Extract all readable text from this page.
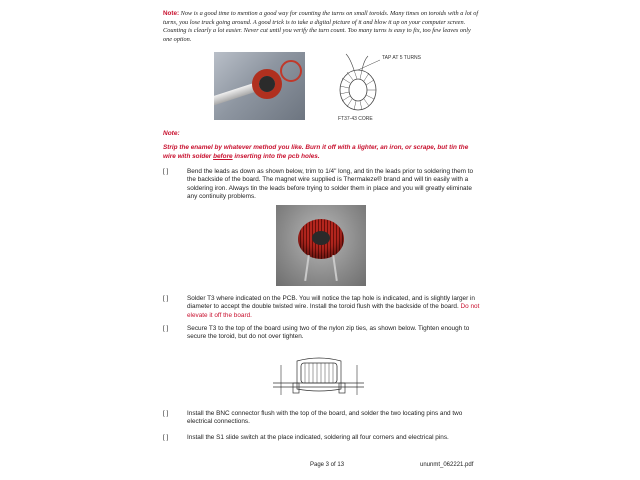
Note: Now is a good time to mention a good way for counting the turns on small toroids. Many times on toroids with a lot of turns, you lose track going around. A good trick is to take a digital picture of it and blow it up on your computer screen. Counting is clearly a lot easier. Never cut until you verify the turn count. Too many turns is easy to fix, too few leaves only one option.
TAP AT 5 TURNS
FT37-43 CORE
Note:
Strip the enamel by whatever method you like. Burn it off with a lighter, an iron, or scrape, but tin the wire with solder before inserting into the pcb holes.
[ ]	Bend the leads as down as shown below, trim to 1/4" long, and tin the leads prior to soldering them to the backside of the board. The magnet wire supplied is Thermaleze® brand and will tin easily with a soldering iron. Always tin the leads before trying to solder them in place and you will greatly eliminate any continuity problems.
[ ]	Solder T3 where indicated on the PCB. You will notice the tap hole is indicated, and is slightly larger in diameter to accept the double twisted wire. Install the toroid flush with the backside of the board. Do not elevate it off the board.
[ ]	Secure T3 to the top of the board using two of the nylon zip ties, as shown below. Tighten enough to secure the toroid, but do not over tighten.
[ ]	Install the BNC connector flush with the top of the board, and solder the two locating pins and two electrical connections.
[ ]	Install the S1 slide switch at the place indicated, soldering all four corners and electrical pins.
Page 3 of 13	ununmt_062221.pdf
